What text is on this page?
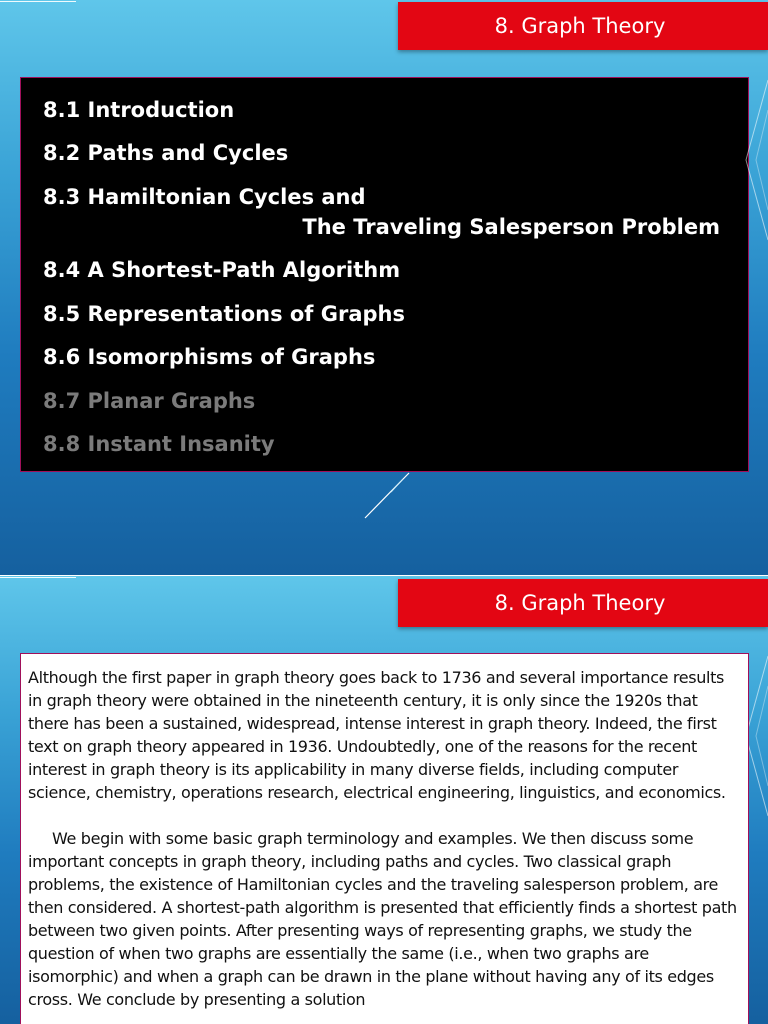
8. Graph Theory
8.1 Introduction
8.2 Paths and Cycles
8.3 Hamiltonian Cycles and
The Traveling Salesperson Problem
8.4 A Shortest-Path Algorithm
8.5 Representations of Graphs
8.6 Isomorphisms of Graphs
8.7 Planar Graphs
8.8 Instant Insanity
8. Graph Theory

Although the first paper in graph theory goes back to 1736 and several importance results in graph theory were obtained in the nineteenth century, it is only since the 1920s that there has been a sustained, widespread, intense interest in graph theory. Indeed, the first text on graph theory appeared in 1936. Undoubtedly, one of the reasons for the recent interest in graph theory is its applicability in many diverse fields, including computer science, chemistry, operations research, electrical engineering, linguistics, and economics.

We begin with some basic graph terminology and examples. We then discuss some important concepts in graph theory, including paths and cycles. Two classical graph problems, the existence of Hamiltonian cycles and the traveling salesperson problem, are then considered. A shortest-path algorithm is presented that efficiently finds a shortest path between two given points. After presenting ways of representing graphs, we study the question of when two graphs are essentially the same (i.e., when two graphs are isomorphic) and when a graph can be drawn in the plane without having any of its edges cross. We conclude by presenting a solution
